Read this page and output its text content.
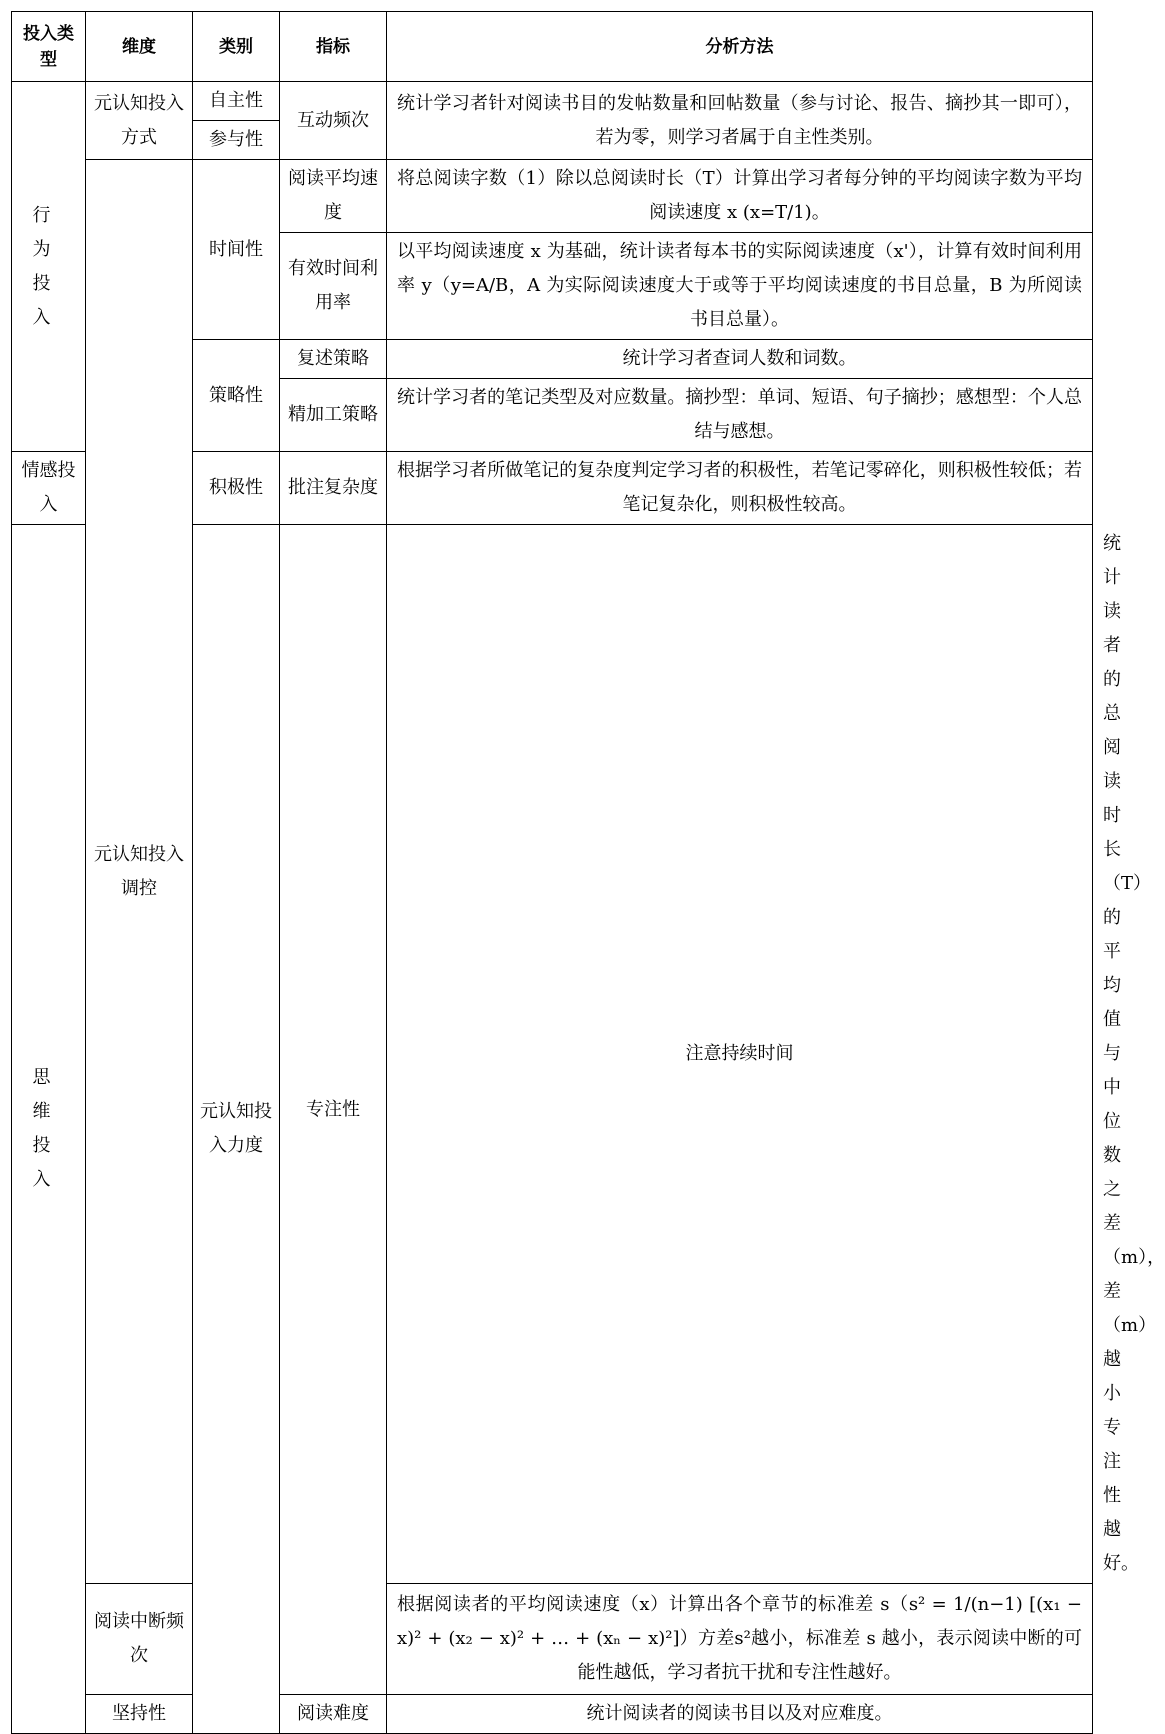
投入类型	维度	类别	指标	分析方法	
行为投入	元认知投入方式	自主性	互动频次	统计学习者针对阅读书目的发帖数量和回帖数量（参与讨论、报告、摘抄其一即可），若为零，则学习者属于自主性类别。	
		参与性			
	元认知投入调控	时间性	阅读平均速度	将总阅读字数（1）除以总阅读时长（T）计算出学习者每分钟的平均阅读字数为平均阅读速度 x (x=T/1)。	
			有效时间利用率	以平均阅读速度 x 为基础，统计读者每本书的实际阅读速度（x'），计算有效时间利用率 y（y=A/B，A 为实际阅读速度大于或等于平均阅读速度的书目总量，B 为所阅读书目总量）。	
		策略性	复述策略	统计学习者查词人数和词数。	
			精加工策略	统计学习者的笔记类型及对应数量。摘抄型：单词、短语、句子摘抄；感想型：个人总结与感想。	

情感投入		积极性	批注复杂度	根据学习者所做笔记的复杂度判定学习者的积极性，若笔记零碎化，则积极性较低；若笔记复杂化，则积极性较高。	
思维投入		元认知投入力度	专注性	注意持续时间	统计读者的总阅读时长（T）的平均值与中位数之差（m），差（m）越小专注性越好。
	阅读中断频次			根据阅读者的平均阅读速度（x）计算出各个章节的标准差 s（s² = 1/(n−1) [(x₁ − x)² + (x₂ − x)² + … + (xₙ − x)²]）方差s²越小，标准差 s 越小，表示阅读中断的可能性越低，学习者抗干扰和专注性越好。	
	坚持性		阅读难度	统计阅读者的阅读书目以及对应难度。	
